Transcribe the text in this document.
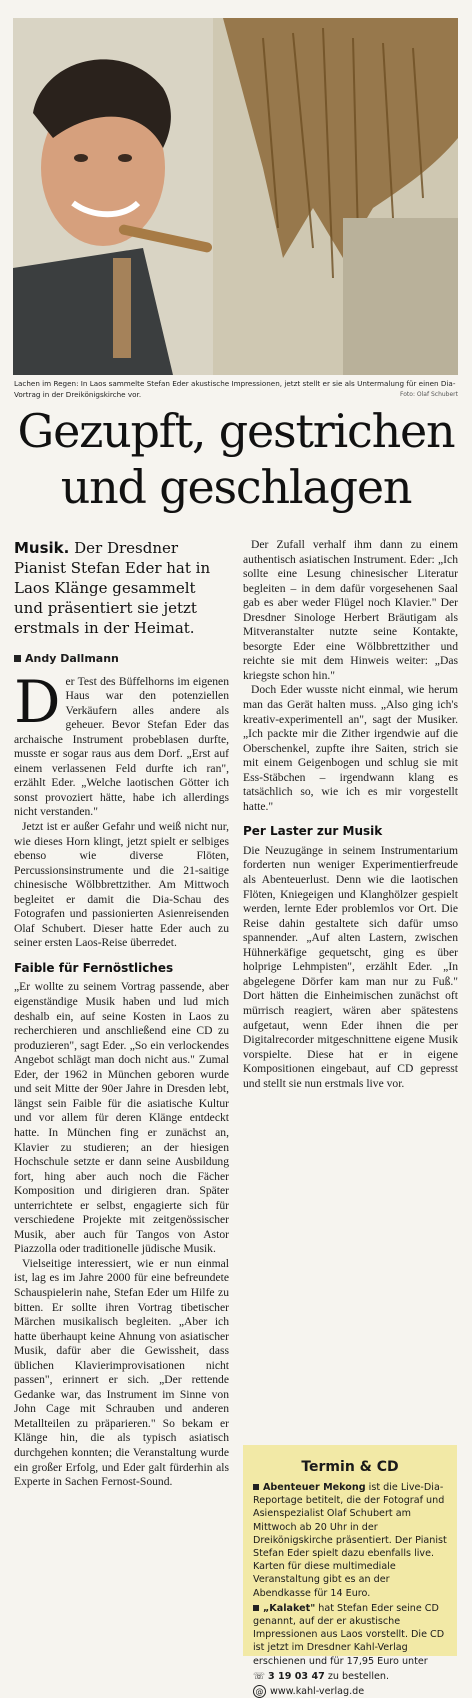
Lachen im Regen: In Laos sammelte Stefan Eder akustische Impressionen, jetzt stellt er sie als Untermalung für einen Dia-Vortrag in der Dreikönigskirche vor.	Foto: Olaf Schubert
Gezupft, gestrichen
und geschlagen

Musik. Der Dresdner Pianist Stefan Eder hat in Laos Klänge gesammelt und präsentiert sie jetzt erstmals in der Heimat.

Andy Dallmann

Der Test des Büffelhorns im eigenen Haus war den potenziellen Verkäufern alles andere als geheuer. Bevor Stefan Eder das archaische Instrument probeblasen durfte, musste er sogar raus aus dem Dorf. „Erst auf einem verlassenen Feld durfte ich ran", erzählt Eder. „Welche laotischen Götter ich sonst provoziert hätte, habe ich allerdings nicht verstanden."

Jetzt ist er außer Gefahr und weiß nicht nur, wie dieses Horn klingt, jetzt spielt er selbiges ebenso wie diverse Flöten, Percussionsinstrumente und die 21-saitige chinesische Wölbbrettzither. Am Mittwoch begleitet er damit die Dia-Schau des Fotografen und passionierten Asienreisenden Olaf Schubert. Dieser hatte Eder auch zu seiner ersten Laos-Reise überredet.

Faible für Fernöstliches

„Er wollte zu seinem Vortrag passende, aber eigenständige Musik haben und lud mich deshalb ein, auf seine Kosten in Laos zu recherchieren und anschließend eine CD zu produzieren", sagt Eder. „So ein verlockendes Angebot schlägt man doch nicht aus." Zumal Eder, der 1962 in München geboren wurde und seit Mitte der 90er Jahre in Dresden lebt, längst sein Faible für die asiatische Kultur und vor allem für deren Klänge entdeckt hatte. In München fing er zunächst an, Klavier zu studieren; an der hiesigen Hochschule setzte er dann seine Ausbildung fort, hing aber auch noch die Fächer Komposition und dirigieren dran. Später unterrichtete er selbst, engagierte sich für verschiedene Projekte mit zeitgenössischer Musik, aber auch für Tangos von Astor Piazzolla oder traditionelle jüdische Musik.

Vielseitige interessiert, wie er nun einmal ist, lag es im Jahre 2000 für eine befreundete Schauspielerin nahe, Stefan Eder um Hilfe zu bitten. Er sollte ihren Vortrag tibetischer Märchen musikalisch begleiten. „Aber ich hatte überhaupt keine Ahnung von asiatischer Musik, dafür aber die Gewissheit, dass üblichen Klavierimprovisationen nicht passen", erinnert er sich. „Der rettende Gedanke war, das Instrument im Sinne von John Cage mit Schrauben und anderen Metallteilen zu präparieren." So bekam er Klänge hin, die als typisch asiatisch durchgehen konnten; die Veranstaltung wurde ein großer Erfolg, und Eder galt fürderhin als Experte in Sachen Fernost-Sound.

Der Zufall verhalf ihm dann zu einem authentisch asiatischen Instrument. Eder: „Ich sollte eine Lesung chinesischer Literatur begleiten – in dem dafür vorgesehenen Saal gab es aber weder Flügel noch Klavier." Der Dresdner Sinologe Herbert Bräutigam als Mitveranstalter nutzte seine Kontakte, besorgte Eder eine Wölbbrettzither und reichte sie mit dem Hinweis weiter: „Das kriegste schon hin."

Doch Eder wusste nicht einmal, wie herum man das Gerät halten muss. „Also ging ich's kreativ-experimentell an", sagt der Musiker. „Ich packte mir die Zither irgendwie auf die Oberschenkel, zupfte ihre Saiten, strich sie mit einem Geigenbogen und schlug sie mit Ess-Stäbchen – irgendwann klang es tatsächlich so, wie ich es mir vorgestellt hatte."

Per Laster zur Musik

Die Neuzugänge in seinem Instrumentarium forderten nun weniger Experimentierfreude als Abenteuerlust. Denn wie die laotischen Flöten, Kniegeigen und Klanghölzer gespielt werden, lernte Eder problemlos vor Ort. Die Reise dahin gestaltete sich dafür umso spannender. „Auf alten Lastern, zwischen Hühnerkäfige gequetscht, ging es über holprige Lehmpisten", erzählt Eder. „In abgelegene Dörfer kam man nur zu Fuß." Dort hätten die Einheimischen zunächst oft mürrisch reagiert, wären aber spätestens aufgetaut, wenn Eder ihnen die per Digitalrecorder mitgeschnittene eigene Musik vorspielte. Diese hat er in eigene Kompositionen eingebaut, auf CD gepresst und stellt sie nun erstmals live vor.

Termin & CD

Abenteuer Mekong ist die Live-Dia-Reportage betitelt, die der Fotograf und Asienspezialist Olaf Schubert am Mittwoch ab 20 Uhr in der Dreikönigskirche präsentiert. Der Pianist Stefan Eder spielt dazu ebenfalls live. Karten für diese multimediale Veranstaltung gibt es an der Abendkasse für 14 Euro.

„Kalaket" hat Stefan Eder seine CD genannt, auf der er akustische Impressionen aus Laos vorstellt. Die CD ist jetzt im Dresdner Kahl-Verlag erschienen und für 17,95 Euro unter

☏ 3 19 03 47 zu bestellen.

@ www.kahl-verlag.de
